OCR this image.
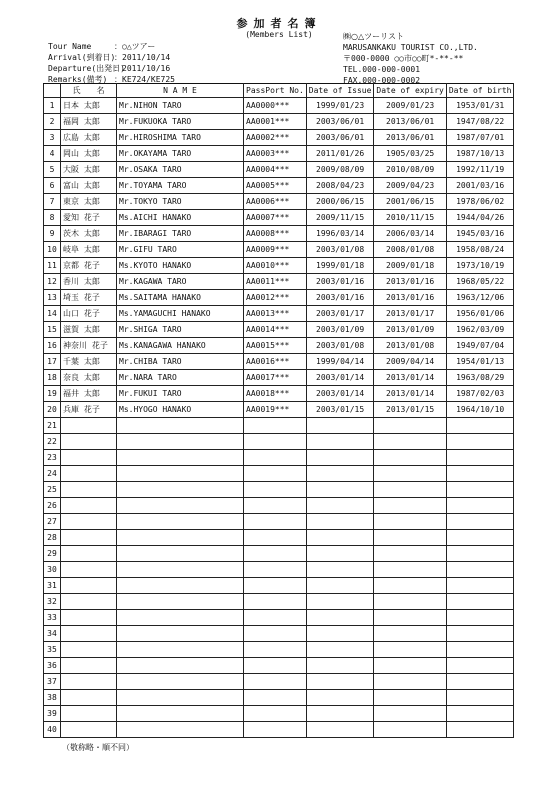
参加者名簿
(Members List)
Tour Name	：○△ツアー
Arrival(到着日)
：2011/10/14
Departure(出発日)
：2011/10/16
Remarks(備考) ：KE724/KE725
㈱○△ツーリスト
MARUSANKAKU TOURIST CO.,LTD.
〒000-0000 ○○市○○町*-**-**
TEL.000-000-0001
FAX.000-000-0002
	氏　　名	N A M E	PassPort No.	Date of Issue	Date of expiry	Date of birth
1	日本 太郎	Mr.NIHON TARO	AA0000***	1999/01/23	2009/01/23	1953/01/31
2	福岡 太郎	Mr.FUKUOKA TARO	AA0001***	2003/06/01	2013/06/01	1947/08/22
3	広島 太郎	Mr.HIROSHIMA TARO	AA0002***	2003/06/01	2013/06/01	1987/07/01
4	岡山 太郎	Mr.OKAYAMA TARO	AA0003***	2011/01/26	1905/03/25	1987/10/13
5	大阪 太郎	Mr.OSAKA TARO	AA0004***	2009/08/09	2010/08/09	1992/11/19
6	富山 太郎	Mr.TOYAMA TARO	AA0005***	2008/04/23	2009/04/23	2001/03/16
7	東京 太郎	Mr.TOKYO TARO	AA0006***	2000/06/15	2001/06/15	1978/06/02
8	愛知 花子	Ms.AICHI HANAKO	AA0007***	2009/11/15	2010/11/15	1944/04/26
9	茨木 太郎	Mr.IBARAGI TARO	AA0008***	1996/03/14	2006/03/14	1945/03/16
10	岐阜 太郎	Mr.GIFU TARO	AA0009***	2003/01/08	2008/01/08	1958/08/24
11	京都 花子	Ms.KYOTO HANAKO	AA0010***	1999/01/18	2009/01/18	1973/10/19
12	香川 太郎	Mr.KAGAWA TARO	AA0011***	2003/01/16	2013/01/16	1968/05/22
13	埼玉 花子	Ms.SAITAMA HANAKO	AA0012***	2003/01/16	2013/01/16	1963/12/06
14	山口 花子	Ms.YAMAGUCHI HANAKO	AA0013***	2003/01/17	2013/01/17	1956/01/06
15	滋賀 太郎	Mr.SHIGA TARO	AA0014***	2003/01/09	2013/01/09	1962/03/09
16	神奈川 花子	Ms.KANAGAWA HANAKO	AA0015***	2003/01/08	2013/01/08	1949/07/04
17	千葉 太郎	Mr.CHIBA TARO	AA0016***	1999/04/14	2009/04/14	1954/01/13
18	奈良 太郎	Mr.NARA TARO	AA0017***	2003/01/14	2013/01/14	1963/08/29
19	福井 太郎	Mr.FUKUI TARO	AA0018***	2003/01/14	2013/01/14	1987/02/03
20	兵庫 花子	Ms.HYOGO HANAKO	AA0019***	2003/01/15	2013/01/15	1964/10/10
21						
22						
23						
24						
25						
26						
27						
28						
29						
30						
31						
32						
33						
34						
35						
36						
37						
38						
39						
40						
（敬称略・順不同）
